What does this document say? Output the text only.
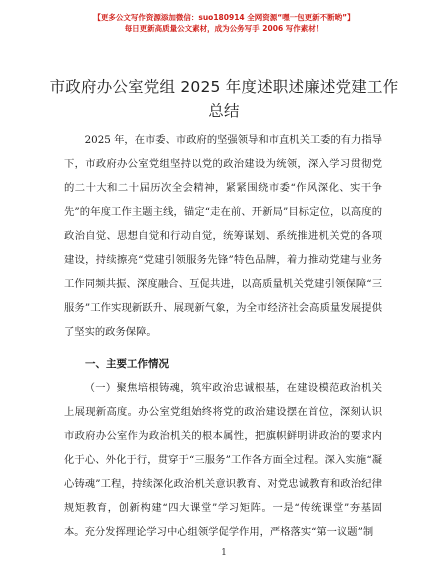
【更多公文写作资源添加微信：suo180914 全网资源“嘿一包更新不断哟”】
每日更新高质量公文素材，成为公务写手 2006 写作素材！
市政府办公室党组 2025 年度述职述廉述党建工作总结

2025 年，在市委、市政府的坚强领导和市直机关工委的有力指导下，市政府办公室党组坚持以党的政治建设为统领，深入学习贯彻党的二十大和二十届历次全会精神，紧紧围绕市委“作风深化、实干争先”的年度工作主题主线，锚定“走在前、开新局”目标定位，以高度的政治自觉、思想自觉和行动自觉，统筹谋划、系统推进机关党的各项建设，持续擦亮“党建引领服务先锋”特色品牌，着力推动党建与业务工作同频共振、深度融合、互促共进，以高质量机关党建引领保障“三服务”工作实现新跃升、展现新气象，为全市经济社会高质量发展提供了坚实的政务保障。

一、主要工作情况

（一）聚焦培根铸魂，筑牢政治忠诚根基，在建设模范政治机关上展现新高度。办公室党组始终将党的政治建设摆在首位，深刻认识市政府办公室作为政治机关的根本属性，把旗帜鲜明讲政治的要求内化于心、外化于行，贯穿于“三服务”工作各方面全过程。深入实施“凝心铸魂”工程，持续深化政治机关意识教育、对党忠诚教育和政治纪律规矩教育，创新构建“四大课堂”学习矩阵。一是“传统课堂”夯基固本。充分发挥理论学习中心组领学促学作用，严格落实“第一议题”制

1
